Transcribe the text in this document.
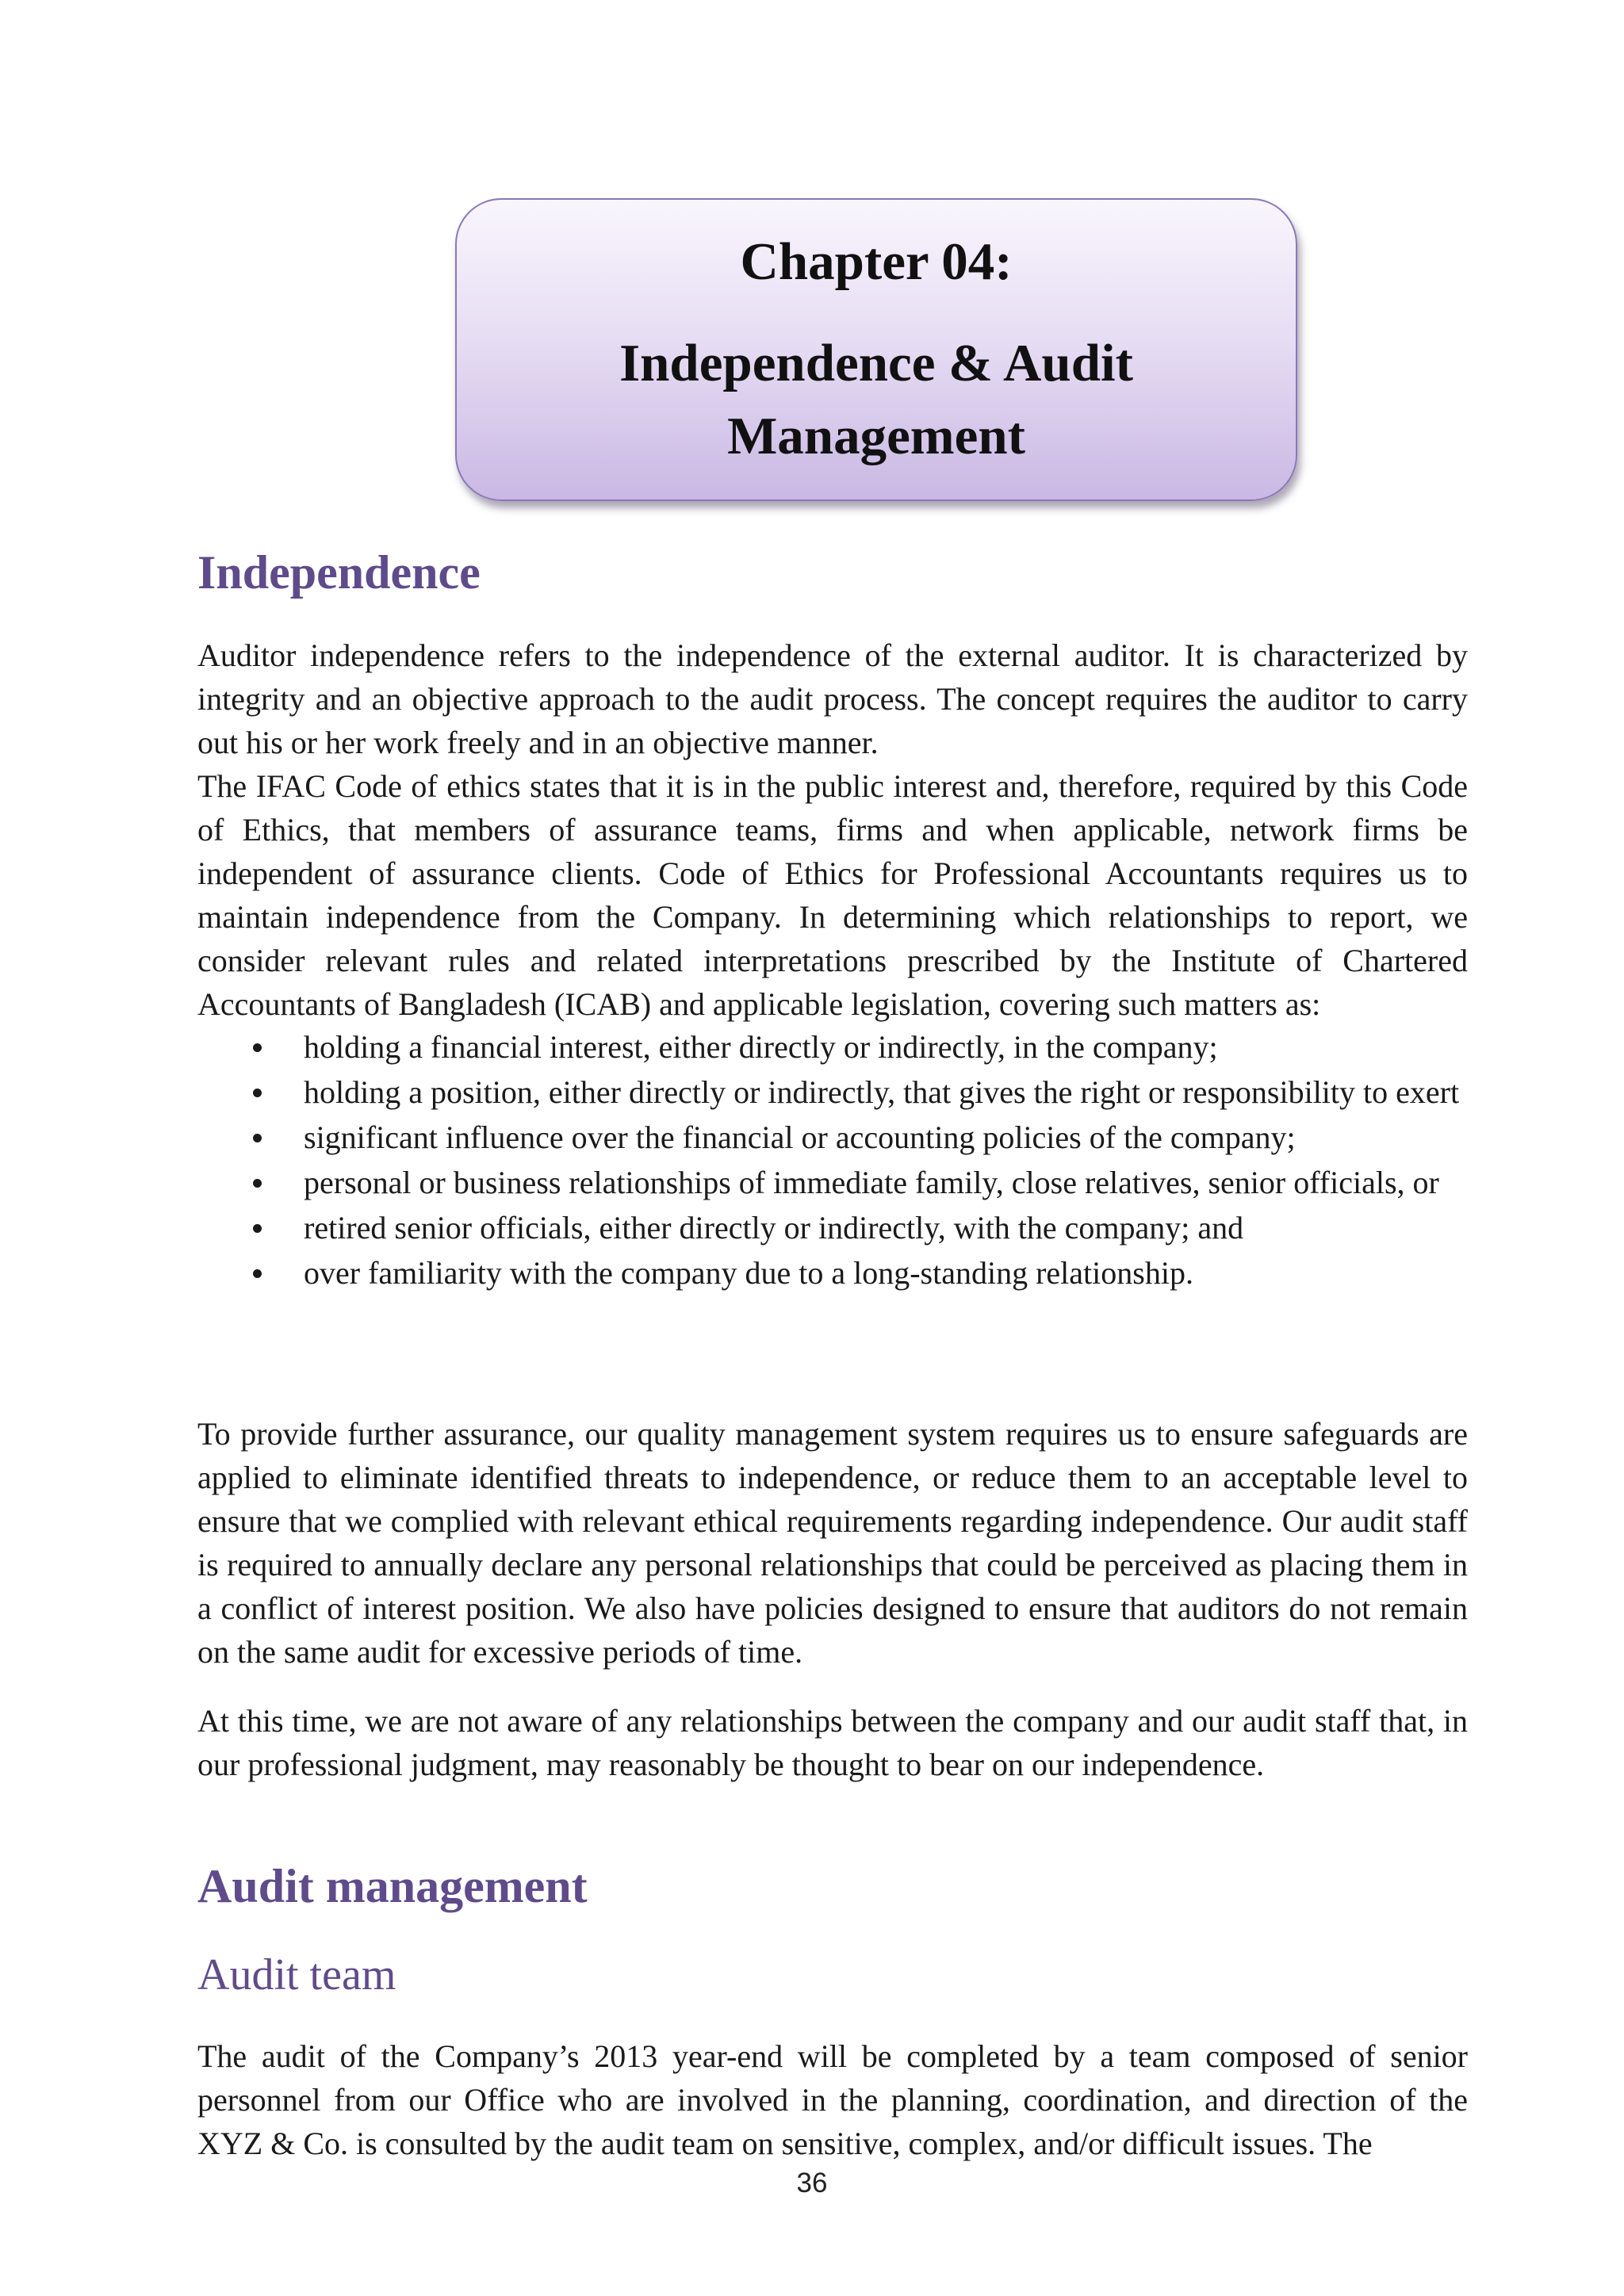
Chapter 04:
Independence & Audit Management
Independence

Auditor independence refers to the independence of the external auditor. It is characterized by integrity and an objective approach to the audit process. The concept requires the auditor to carry out his or her work freely and in an objective manner.

The IFAC Code of ethics states that it is in the public interest and, therefore, required by this Code of Ethics, that members of assurance teams, firms and when applicable, network firms be independent of assurance clients. Code of Ethics for Professional Accountants requires us to maintain independence from the Company. In determining which relationships to report, we consider relevant rules and related interpretations prescribed by the Institute of Chartered Accountants of Bangladesh (ICAB) and applicable legislation, covering such matters as:

holding a financial interest, either directly or indirectly, in the company;
holding a position, either directly or indirectly, that gives the right or responsibility to exert
significant influence over the financial or accounting policies of the company;
personal or business relationships of immediate family, close relatives, senior officials, or
retired senior officials, either directly or indirectly, with the company; and
over familiarity with the company due to a long-standing relationship.

To provide further assurance, our quality management system requires us to ensure safeguards are applied to eliminate identified threats to independence, or reduce them to an acceptable level to ensure that we complied with relevant ethical requirements regarding independence. Our audit staff is required to annually declare any personal relationships that could be perceived as placing them in a conflict of interest position. We also have policies designed to ensure that auditors do not remain on the same audit for excessive periods of time.

At this time, we are not aware of any relationships between the company and our audit staff that, in our professional judgment, may reasonably be thought to bear on our independence.

Audit management
Audit team

The audit of the Company’s 2013 year-end will be completed by a team composed of senior personnel from our Office who are involved in the planning, coordination, and direction of the XYZ & Co. is consulted by the audit team on sensitive, complex, and/or difficult issues. The

36
